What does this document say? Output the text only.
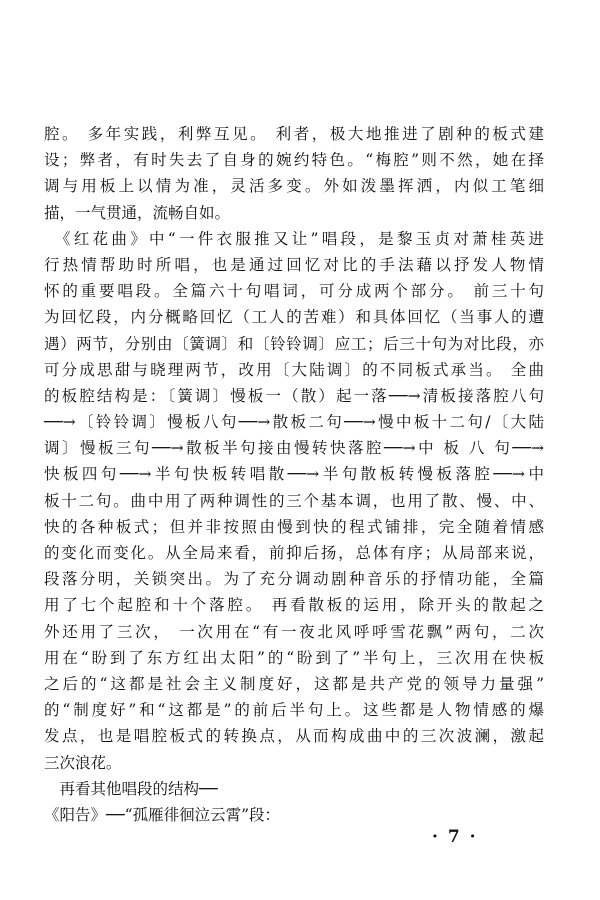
腔。 多年实践，利弊互见。 利者，极大地推进了剧种的板式建
设；弊者，有时失去了自身的婉约特色。“梅腔”则不然，她在择
调与用板上以情为准，灵活多变。外如泼墨挥洒，内似工笔细
描，一气贯通，流畅自如。
　《红花曲》中“一件衣服推又让”唱段，是黎玉贞对萧桂英进
行热情帮助时所唱，也是通过回忆对比的手法藉以抒发人物情
怀的重要唱段。全篇六十句唱词，可分成两个部分。 前三十句
为回忆段，内分概略回忆（工人的苦难）和具体回忆（当事人的遭
遇）两节，分别由〔簧调〕和〔铃铃调〕应工；后三十句为对比段，亦
可分成思甜与晓理两节，改用〔大陆调〕的不同板式承当。 全曲
的板腔结构是：〔簧调〕慢板一（散）起一落──→清板接落腔八句
──→〔铃铃调〕慢板八句──→散板二句──→慢中板十二句/〔大陆
调〕慢板三句──→散板半句接由慢转快落腔──→中 板 八 句──→
快板四句──→半句快板转唱散──→半句散板转慢板落腔──→中
板十二句。曲中用了两种调性的三个基本调，也用了散、慢、中、
快的各种板式；但并非按照由慢到快的程式铺排，完全随着情感
的变化而变化。从全局来看，前抑后扬，总体有序；从局部来说，
段落分明，关锁突出。为了充分调动剧种音乐的抒情功能，全篇
用了七个起腔和十个落腔。 再看散板的运用，除开头的散起之
外还用了三次， 一次用在“有一夜北风呼呼雪花飘”两句，二次
用在“盼到了东方红出太阳”的“盼到了”半句上，三次用在快板
之后的“这都是社会主义制度好，这都是共产党的领导力量强”
的“制度好”和“这都是”的前后半句上。这些都是人物情感的爆
发点，也是唱腔板式的转换点，从而构成曲中的三次波澜，激起
三次浪花。
　再看其他唱段的结构──
《阳告》──“孤雁徘徊泣云霄”段：
· 7 ·
